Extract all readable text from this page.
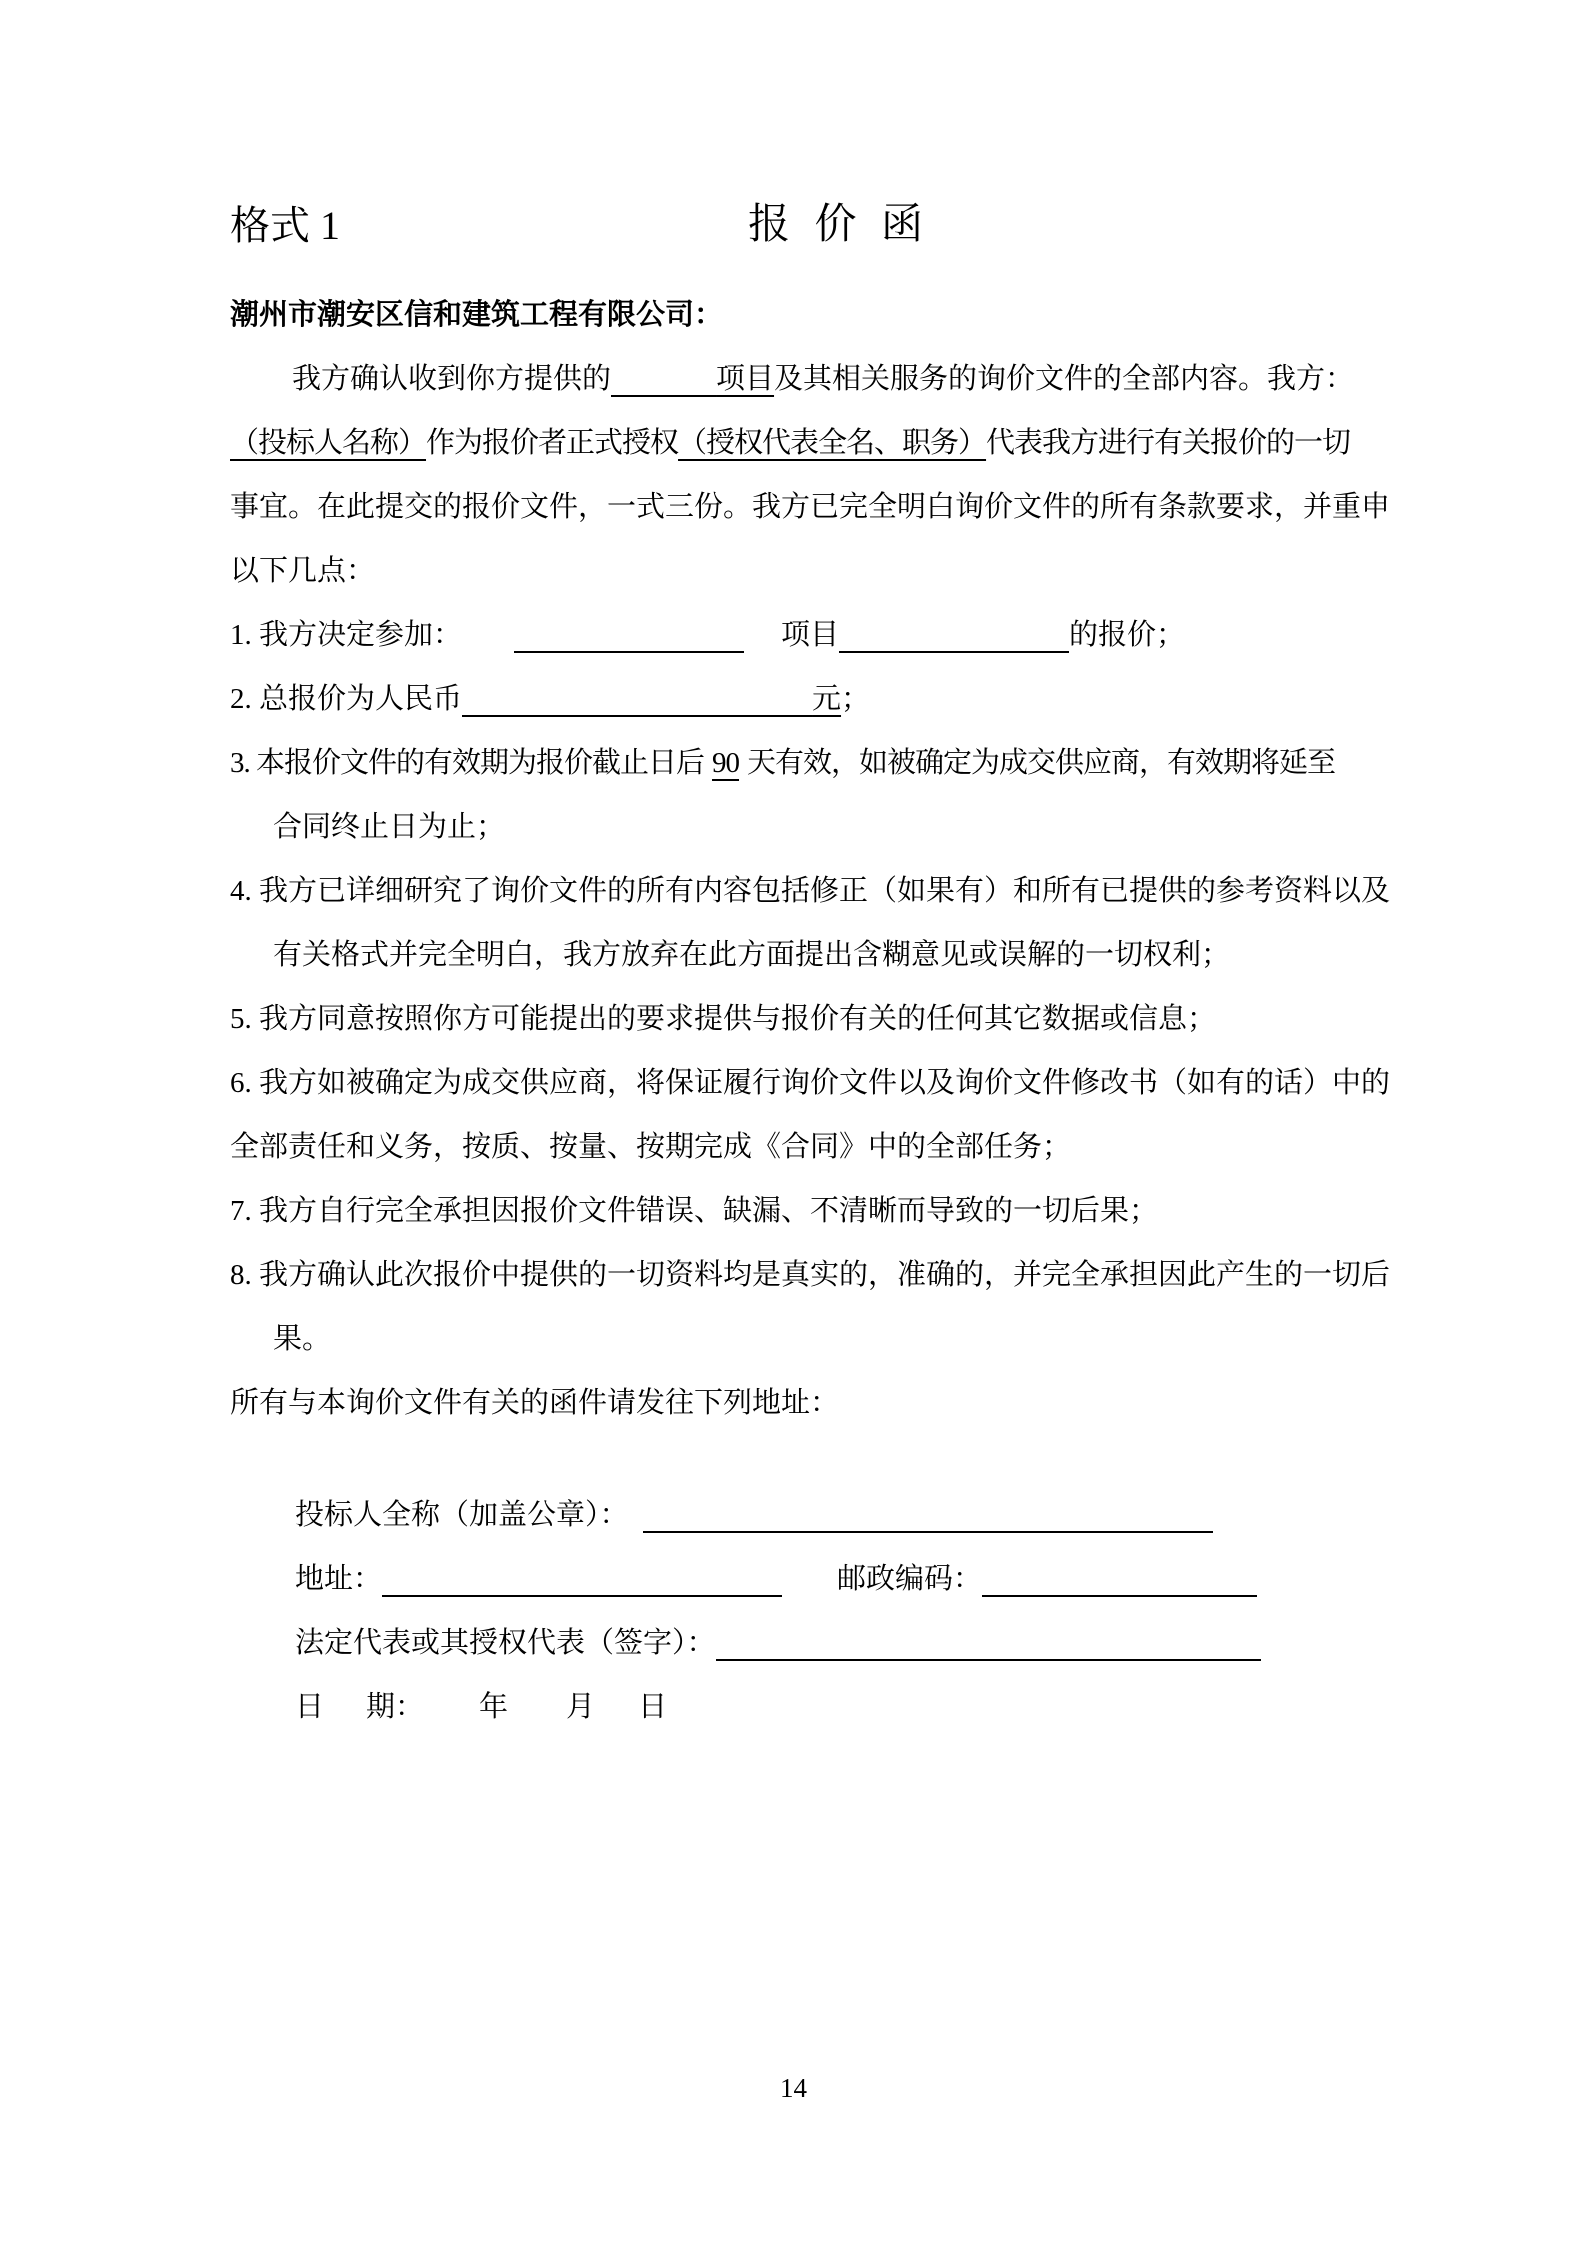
格式 1	报 价 函
潮州市潮安区信和建筑工程有限公司：
我方确认收到你方提供的	项目及其相关服务的询价文件的全部内容。我方：
（投标人名称）作为报价者正式授权（授权代表全名、职务）代表我方进行有关报价的一切
事宜。在此提交的报价文件，一式三份。我方已完全明白询价文件的所有条款要求，并重申
以下几点：
1. 我方决定参加：	项目	的报价；
2. 总报价为人民币	元；
3. 本报价文件的有效期为报价截止日后 90 天有效，如被确定为成交供应商，有效期将延至
合同终止日为止；
4. 我方已详细研究了询价文件的所有内容包括修正（如果有）和所有已提供的参考资料以及
有关格式并完全明白，我方放弃在此方面提出含糊意见或误解的一切权利；
5. 我方同意按照你方可能提出的要求提供与报价有关的任何其它数据或信息；
6. 我方如被确定为成交供应商，将保证履行询价文件以及询价文件修改书（如有的话）中的
全部责任和义务，按质、按量、按期完成《合同》中的全部任务；
7. 我方自行完全承担因报价文件错误、缺漏、不清晰而导致的一切后果；
8. 我方确认此次报价中提供的一切资料均是真实的，准确的，并完全承担因此产生的一切后
果。
所有与本询价文件有关的函件请发往下列地址：
投标人全称（加盖公章）：
地址：	邮政编码：
法定代表或其授权代表（签字）：
日 期： 年 月 日
14
